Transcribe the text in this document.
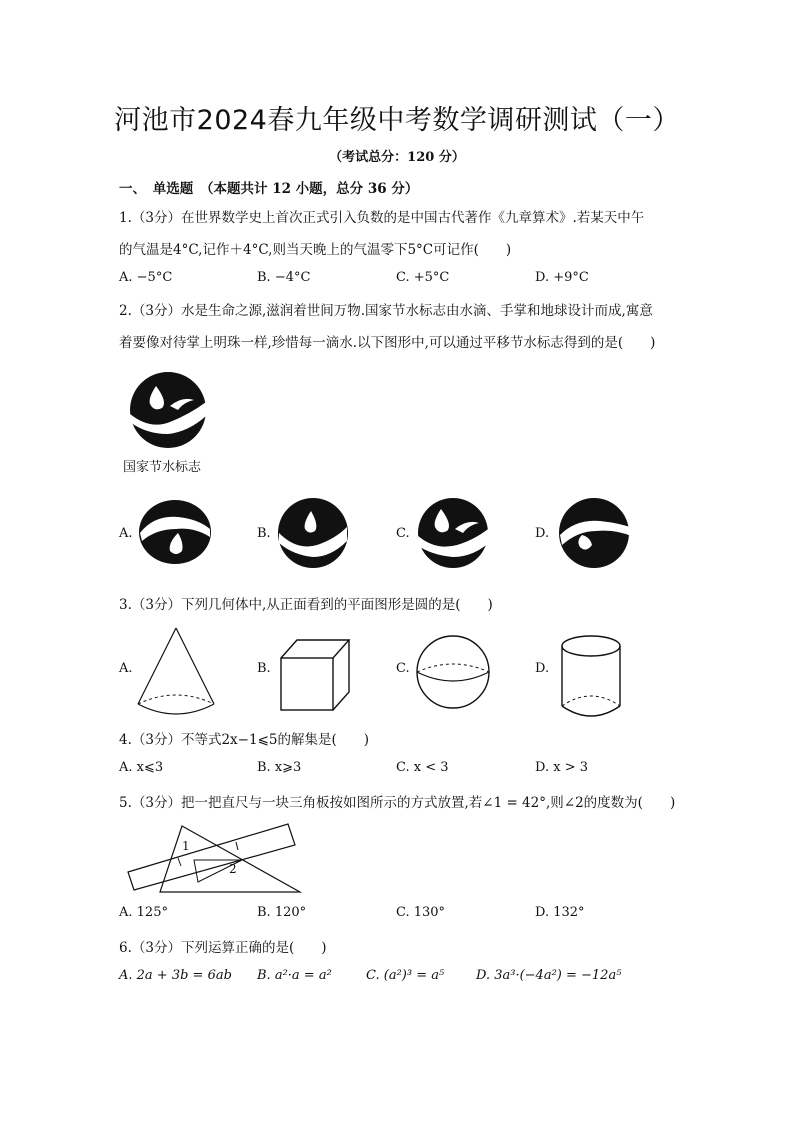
河池市2024春九年级中考数学调研测试（一）
（考试总分：120 分）
一、　单选题　（本题共计 12 小题，总分 36 分）
1.（3分）在世界数学史上首次正式引入负数的是中国古代著作《九章算术》.若某天中午
的气温是4°C,记作＋4°C,则当天晚上的气温零下5°C可记作(　　)
A. −5°C	B. −4°C	C. +5°C	D. +9°C
2.（3分）水是生命之源,滋润着世间万物.国家节水标志由水滴、手掌和地球设计而成,寓意
着要像对待掌上明珠一样,珍惜每一滴水.以下图形中,可以通过平移节水标志得到的是(　　)
国家节水标志
A.	B.	C.	D.
3.（3分）下列几何体中,从正面看到的平面图形是圆的是(　　)
A.	B.	C.	D.
4.（3分）不等式2x−1⩽5的解集是(　　)
A. x⩽3	B. x⩾3	C. x < 3	D. x > 3
5.（3分）把一把直尺与一块三角板按如图所示的方式放置,若∠1 = 42°,则∠2的度数为(　　)
1
2
A. 125°	B. 120°	C. 130°	D. 132°
6.（3分）下列运算正确的是(　　)
A. 2a + 3b = 6ab B. a²·a = a²	C. (a²)³ = a⁵ D. 3a³·(−4a²) = −12a⁵
